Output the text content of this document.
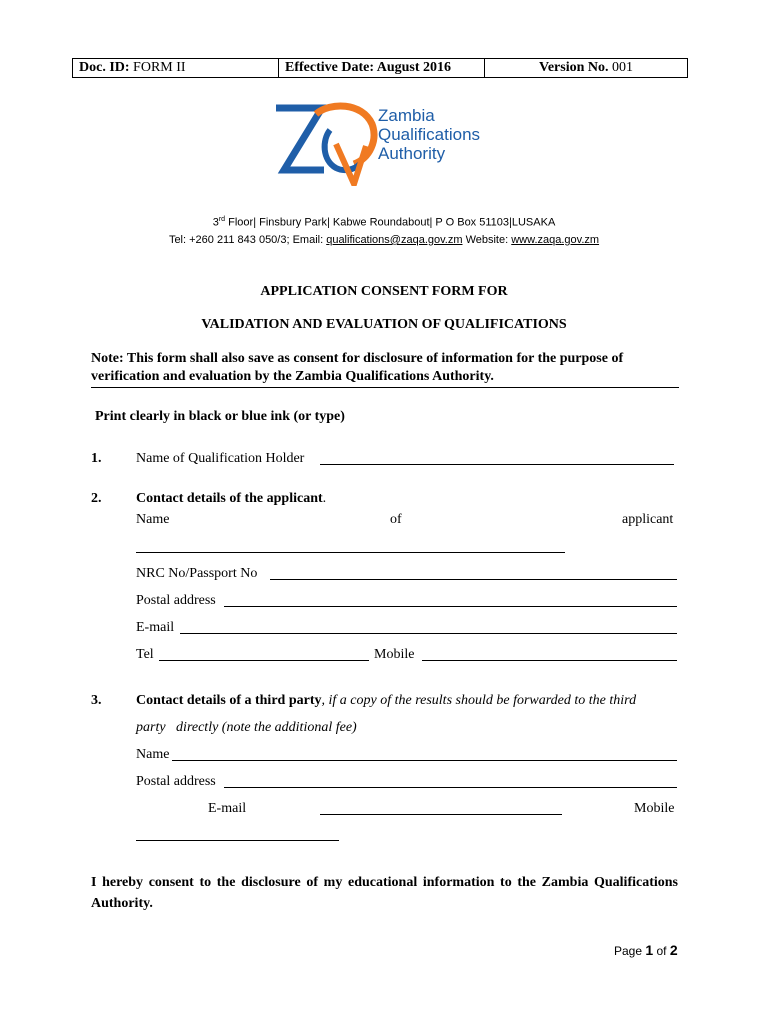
Doc. ID: FORM II	Effective Date: August 2016	Version No. 001
Zambia
Qualifications
Authority
3rd Floor| Finsbury Park| Kabwe Roundabout| P O Box 51103|LUSAKA
Tel: +260 211 843 050/3; Email: qualifications@zaqa.gov.zm Website: www.zaqa.gov.zm
APPLICATION CONSENT FORM FOR
VALIDATION AND EVALUATION OF QUALIFICATIONS
Note: This form shall also save as consent for disclosure of information for the purpose of verification and evaluation by the Zambia Qualifications Authority.
Print clearly in black or blue ink (or type)
1. Name of Qualification Holder
2. Contact details of the applicant.
Name	of	applicant
NRC No/Passport No
Postal address
E-mail
Tel	Mobile
3. Contact details of a third party, if a copy of the results should be forwarded to the third
party   directly (note the additional fee)
Name
Postal address
E-mail	Mobile
I hereby consent to the disclosure of my educational information to the Zambia Qualifications Authority.
Page 1 of 2
